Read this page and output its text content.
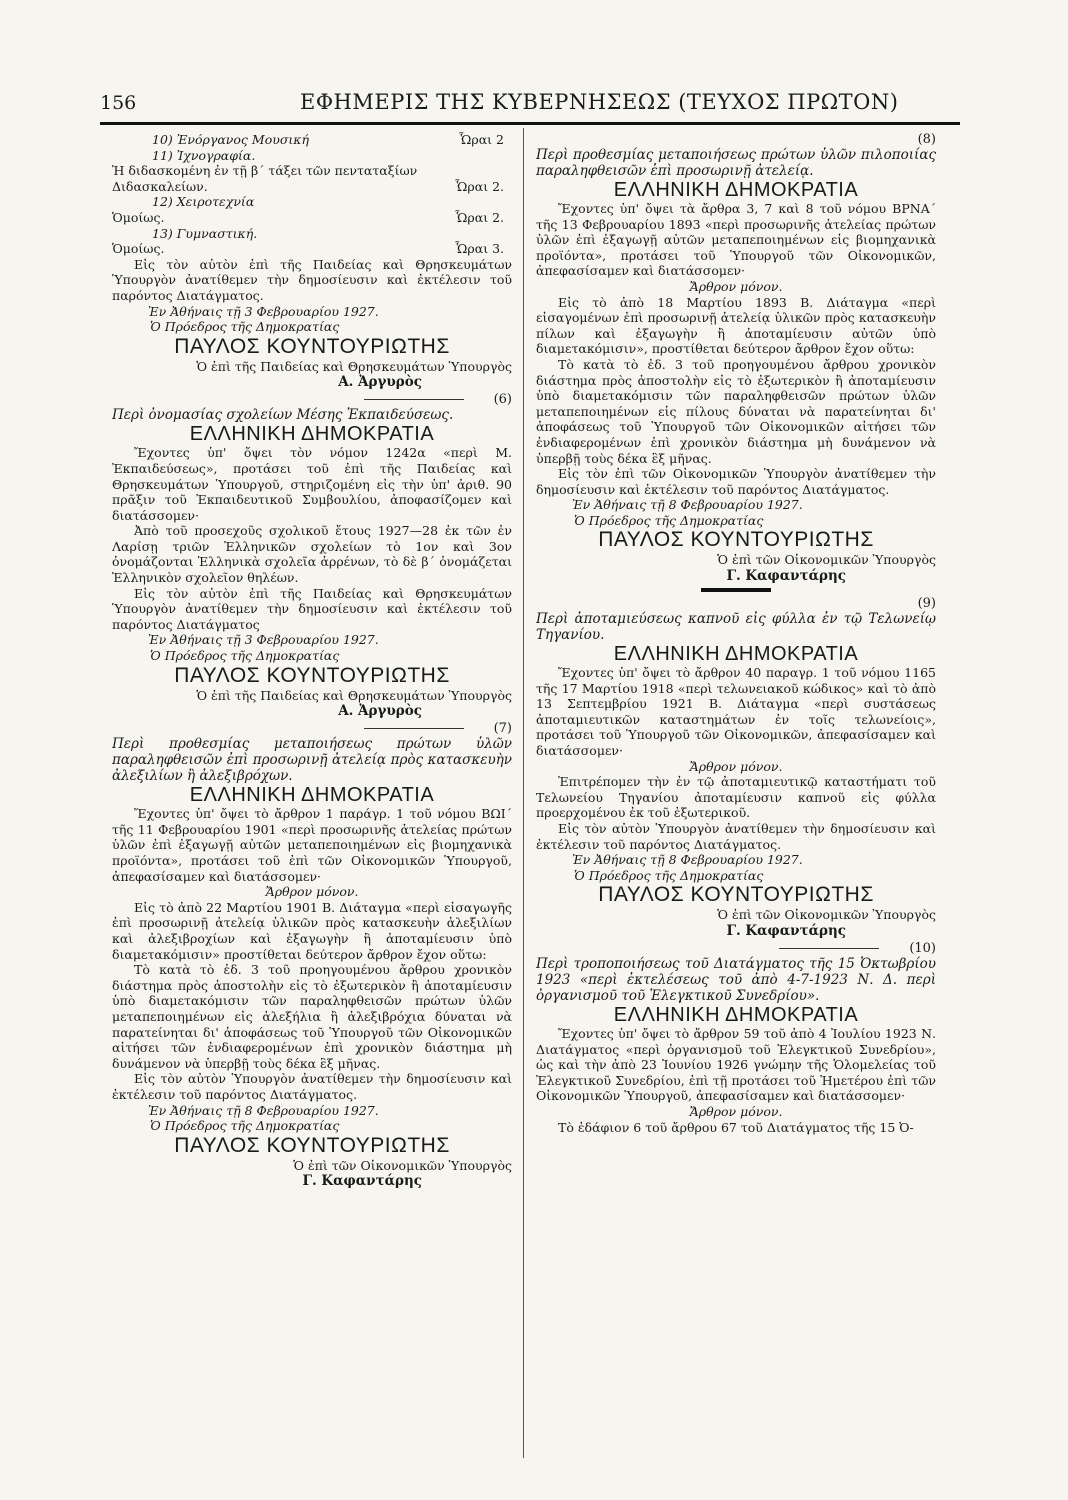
156	ΕΦΗΜΕΡΙΣ ΤΗΣ ΚΥΒΕΡΝΗΣΕΩΣ (ΤΕΥΧΟΣ ΠΡΩΤΟΝ)
10) Ἐνόργανος Μουσική	Ὧραι 2
11) Ἰχνογραφία.
Ἡ διδασκομένη ἐν τῇ β΄ τάξει τῶν πενταταξίων Διδασκαλείων.	Ὧραι 2.
12) Χειροτεχνία
Ὁμοίως.	Ὧραι 2.
13) Γυμναστική.
Ὁμοίως.	Ὧραι 3.

Εἰς τὸν αὐτὸν ἐπὶ τῆς Παιδείας καὶ Θρησκευμάτων Ὑπουργὸν ἀνατίθεμεν τὴν δημοσίευσιν καὶ ἐκτέλεσιν τοῦ παρόντος Διατάγματος.

Ἐν Ἀθήναις τῇ 3 Φεβρουαρίου 1927.

Ὁ Πρόεδρος τῆς Δημοκρατίας

ΠΑΥΛΟΣ ΚΟΥΝΤΟΥΡΙΩΤΗΣ

Ὁ ἐπὶ τῆς Παιδείας καὶ Θρησκευμάτων Ὑπουργὸς

Α. Ἀργυρὸς

(6)

Περὶ ὀνομασίας σχολείων Μέσης Ἐκπαιδεύσεως.

ΕΛΛΗΝΙΚΗ ΔΗΜΟΚΡΑΤΙΑ

Ἔχοντες ὑπ' ὄψει τὸν νόμον 1242α «περὶ Μ. Ἐκπαιδεύσεως», προτάσει τοῦ ἐπὶ τῆς Παιδείας καὶ Θρησκευμάτων Ὑπουργοῦ, στηριζομένη εἰς τὴν ὑπ' ἀριθ. 90 πρᾶξιν τοῦ Ἐκπαιδευτικοῦ Συμβουλίου, ἀποφασίζομεν καὶ διατάσσομεν·

Ἀπὸ τοῦ προσεχοῦς σχολικοῦ ἔτους 1927—28 ἐκ τῶν ἐν Λαρίσῃ τριῶν Ἑλληνικῶν σχολείων τὸ 1ον καὶ 3ον ὀνομάζονται Ἑλληνικὰ σχολεῖα ἀρρένων, τὸ δὲ β΄ ὀνομάζεται Ἑλληνικὸν σχολεῖον θηλέων.

Εἰς τὸν αὐτὸν ἐπὶ τῆς Παιδείας καὶ Θρησκευμάτων Ὑπουργὸν ἀνατίθεμεν τὴν δημοσίευσιν καὶ ἐκτέλεσιν τοῦ παρόντος Διατάγματος

Ἐν Ἀθήναις τῇ 3 Φεβρουαρίου 1927.

Ὁ Πρόεδρος τῆς Δημοκρατίας

ΠΑΥΛΟΣ ΚΟΥΝΤΟΥΡΙΩΤΗΣ

Ὁ ἐπὶ τῆς Παιδείας καὶ Θρησκευμάτων Ὑπουργὸς

Α. Ἀργυρὸς

(7)

Περὶ προθεσμίας μεταποιήσεως πρώτων ὑλῶν παραληφθεισῶν ἐπὶ προσωρινῇ ἀτελείᾳ πρὸς κατασκευὴν ἀλεξιλίων ἢ ἀλεξιβρόχων.

ΕΛΛΗΝΙΚΗ ΔΗΜΟΚΡΑΤΙΑ

Ἔχοντες ὑπ' ὄψει τὸ ἄρθρον 1 παράγρ. 1 τοῦ νόμου ΒΩΙ΄ τῆς 11 Φεβρουαρίου 1901 «περὶ προσωρινῆς ἀτελείας πρώτων ὑλῶν ἐπὶ ἐξαγωγῇ αὐτῶν μεταπεποιημένων εἰς βιομηχανικὰ προϊόντα», προτάσει τοῦ ἐπὶ τῶν Οἰκονομικῶν Ὑπουργοῦ, ἀπεφασίσαμεν καὶ διατάσσομεν·

Ἄρθρον μόνον.

Εἰς τὸ ἀπὸ 22 Μαρτίου 1901 Β. Διάταγμα «περὶ εἰσαγωγῆς ἐπὶ προσωρινῇ ἀτελείᾳ ὑλικῶν πρὸς κατασκευὴν ἀλεξιλίων καὶ ἀλεξιβροχίων καὶ ἐξαγωγὴν ἢ ἀποταμίευσιν ὑπὸ διαμετακόμισιν» προστίθεται δεύτερον ἄρθρον ἔχον οὕτω:

Τὸ κατὰ τὸ ἐδ. 3 τοῦ προηγουμένου ἄρθρου χρονικὸν διάστημα πρὸς ἀποστολὴν εἰς τὸ ἐξωτερικὸν ἢ ἀποταμίευσιν ὑπὸ διαμετακόμισιν τῶν παραληφθεισῶν πρώτων ὑλῶν μεταπεποιημένων εἰς ἀλεξήλια ἢ ἀλεξιβρόχια δύναται νὰ παρατείνηται δι' ἀποφάσεως τοῦ Ὑπουργοῦ τῶν Οἰκονομικῶν αἰτήσει τῶν ἐνδιαφερομένων ἐπὶ χρονικὸν διάστημα μὴ δυνάμενον νὰ ὑπερβῇ τοὺς δέκα ἓξ μῆνας.

Εἰς τὸν αὐτὸν Ὑπουργὸν ἀνατίθεμεν τὴν δημοσίευσιν καὶ ἐκτέλεσιν τοῦ παρόντος Διατάγματος.

Ἐν Ἀθήναις τῇ 8 Φεβρουαρίου 1927.

Ὁ Πρόεδρος τῆς Δημοκρατίας

ΠΑΥΛΟΣ ΚΟΥΝΤΟΥΡΙΩΤΗΣ

Ὁ ἐπὶ τῶν Οἰκονομικῶν Ὑπουργὸς

Γ. Καφαντάρης

(8)

Περὶ προθεσμίας μεταποιήσεως πρώτων ὑλῶν πιλοποιίας παραληφθεισῶν ἐπὶ προσωρινῇ ἀτελείᾳ.

ΕΛΛΗΝΙΚΗ ΔΗΜΟΚΡΑΤΙΑ

Ἔχοντες ὑπ' ὄψει τὰ ἄρθρα 3, 7 καὶ 8 τοῦ νόμου ΒΡΝΑ΄ τῆς 13 Φεβρουαρίου 1893 «περὶ προσωρινῆς ἀτελείας πρώτων ὑλῶν ἐπὶ ἐξαγωγῇ αὐτῶν μεταπεποιημένων εἰς βιομηχανικὰ προϊόντα», προτάσει τοῦ Ὑπουργοῦ τῶν Οἰκονομικῶν, ἀπεφασίσαμεν καὶ διατάσσομεν·

Ἄρθρον μόνον.

Εἰς τὸ ἀπὸ 18 Μαρτίου 1893 Β. Διάταγμα «περὶ εἰσαγομένων ἐπὶ προσωρινῇ ἀτελείᾳ ὑλικῶν πρὸς κατασκευὴν πίλων καὶ ἐξαγωγὴν ἢ ἀποταμίευσιν αὐτῶν ὑπὸ διαμετακόμισιν», προστίθεται δεύτερον ἄρθρον ἔχον οὕτω:

Τὸ κατὰ τὸ ἐδ. 3 τοῦ προηγουμένου ἄρθρου χρονικὸν διάστημα πρὸς ἀποστολὴν εἰς τὸ ἐξωτερικὸν ἢ ἀποταμίευσιν ὑπὸ διαμετακόμισιν τῶν παραληφθεισῶν πρώτων ὑλῶν μεταπεποιημένων εἰς πίλους δύναται νὰ παρατείνηται δι' ἀποφάσεως τοῦ Ὑπουργοῦ τῶν Οἰκονομικῶν αἰτήσει τῶν ἐνδιαφερομένων ἐπὶ χρονικὸν διάστημα μὴ δυνάμενον νὰ ὑπερβῇ τοὺς δέκα ἓξ μῆνας.

Εἰς τὸν ἐπὶ τῶν Οἰκονομικῶν Ὑπουργὸν ἀνατίθεμεν τὴν δημοσίευσιν καὶ ἐκτέλεσιν τοῦ παρόντος Διατάγματος.

Ἐν Ἀθήναις τῇ 8 Φεβρουαρίου 1927.

Ὁ Πρόεδρος τῆς Δημοκρατίας

ΠΑΥΛΟΣ ΚΟΥΝΤΟΥΡΙΩΤΗΣ

Ὁ ἐπὶ τῶν Οἰκονομικῶν Ὑπουργὸς

Γ. Καφαντάρης

(9)

Περὶ ἀποταμιεύσεως καπνοῦ εἰς φύλλα ἐν τῷ Τελωνείῳ Τηγανίου.

ΕΛΛΗΝΙΚΗ ΔΗΜΟΚΡΑΤΙΑ

Ἔχοντες ὑπ' ὄψει τὸ ἄρθρον 40 παραγρ. 1 τοῦ νόμου 1165 τῆς 17 Μαρτίου 1918 «περὶ τελωνειακοῦ κώδικος» καὶ τὸ ἀπὸ 13 Σεπτεμβρίου 1921 Β. Διάταγμα «περὶ συστάσεως ἀποταμιευτικῶν καταστημάτων ἐν τοῖς τελωνείοις», προτάσει τοῦ Ὑπουργοῦ τῶν Οἰκονομικῶν, ἀπεφασίσαμεν καὶ διατάσσομεν·

Ἄρθρον μόνον.

Ἐπιτρέπομεν τὴν ἐν τῷ ἀποταμιευτικῷ καταστήματι τοῦ Τελωνείου Τηγανίου ἀποταμίευσιν καπνοῦ εἰς φύλλα προερχομένου ἐκ τοῦ ἐξωτερικοῦ.

Εἰς τὸν αὐτὸν Ὑπουργὸν ἀνατίθεμεν τὴν δημοσίευσιν καὶ ἐκτέλεσιν τοῦ παρόντος Διατάγματος.

Ἐν Ἀθήναις τῇ 8 Φεβρουαρίου 1927.

Ὁ Πρόεδρος τῆς Δημοκρατίας

ΠΑΥΛΟΣ ΚΟΥΝΤΟΥΡΙΩΤΗΣ

Ὁ ἐπὶ τῶν Οἰκονομικῶν Ὑπουργὸς

Γ. Καφαντάρης

(10)

Περὶ τροποποιήσεως τοῦ Διατάγματος τῆς 15 Ὀκτωβρίου 1923 «περὶ ἐκτελέσεως τοῦ ἀπὸ 4-7-1923 Ν. Δ. περὶ ὀργανισμοῦ τοῦ Ἐλεγκτικοῦ Συνεδρίου».

ΕΛΛΗΝΙΚΗ ΔΗΜΟΚΡΑΤΙΑ

Ἔχοντες ὑπ' ὄψει τὸ ἄρθρον 59 τοῦ ἀπὸ 4 Ἰουλίου 1923 Ν. Διατάγματος «περὶ ὀργανισμοῦ τοῦ Ἐλεγκτικοῦ Συνεδρίου», ὡς καὶ τὴν ἀπὸ 23 Ἰουνίου 1926 γνώμην τῆς Ὁλομελείας τοῦ Ἐλεγκτικοῦ Συνεδρίου, ἐπὶ τῇ προτάσει τοῦ Ἡμετέρου ἐπὶ τῶν Οἰκονομικῶν Ὑπουργοῦ, ἀπεφασίσαμεν καὶ διατάσσομεν·

Ἄρθρον μόνον.

Τὸ ἐδάφιον 6 τοῦ ἄρθρου 67 τοῦ Διατάγματος τῆς 15 Ὀ-
